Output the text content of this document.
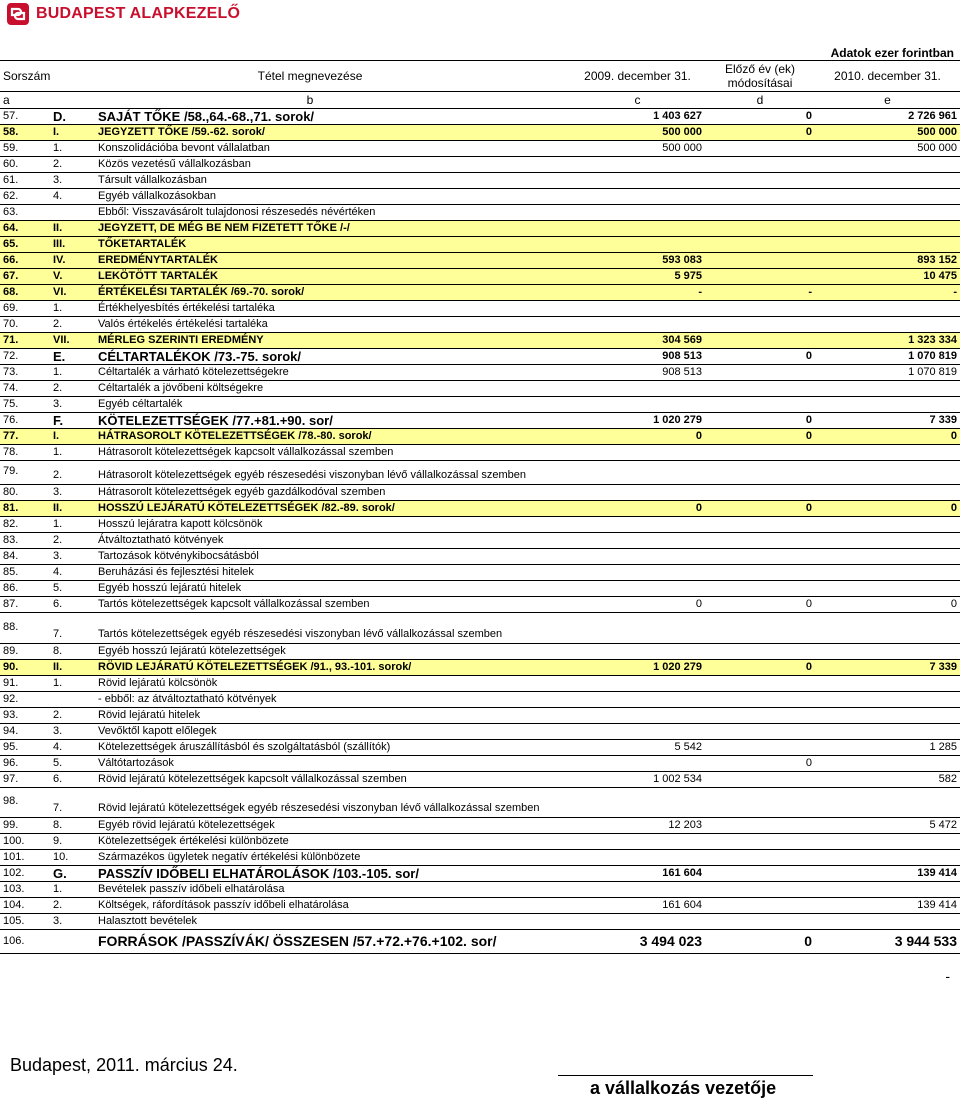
BUDAPEST ALAPKEZELŐ
Adatok ezer forintban
Sorszám	Tétel megnevezése		2009. december 31.	Előző év (ek)
módosításai	2010. december 31.
a	b		c	d	e
57.	D.	SAJÁT TŐKE /58.,64.-68.,71. sorok/	1 403 627	0	2 726 961
58.	I.	JEGYZETT TŐKE /59.-62. sorok/	500 000	0	500 000
59.	1.	Konszolidációba bevont vállalatban	500 000		500 000
60.	2.	Közös vezetésű vállalkozásban			
61.	3.	Társult vállalkozásban			
62.	4.	Egyéb vállalkozásokban			
63.		Ebből: Visszavásárolt tulajdonosi részesedés névértéken			
64.	II.	JEGYZETT, DE MÉG BE NEM FIZETETT TŐKE /-/			
65.	III.	TŐKETARTALÉK			
66.	IV.	EREDMÉNYTARTALÉK	593 083		893 152
67.	V.	LEKÖTÖTT TARTALÉK	5 975		10 475
68.	VI.	ÉRTÉKELÉSI TARTALÉK /69.-70. sorok/	-	-	-
69.	1.	Értékhelyesbítés értékelési tartaléka			
70.	2.	Valós értékelés értékelési tartaléka			
71.	VII.	MÉRLEG SZERINTI EREDMÉNY	304 569		1 323 334
72.	E.	CÉLTARTALÉKOK /73.-75. sorok/	908 513	0	1 070 819
73.	1.	Céltartalék a várható kötelezettségekre	908 513		1 070 819
74.	2.	Céltartalék a jövőbeni költségekre			
75.	3.	Egyéb céltartalék			
76.	F.	KÖTELEZETTSÉGEK /77.+81.+90. sor/	1 020 279	0	7 339
77.	I.	HÁTRASOROLT KÖTELEZETTSÉGEK /78.-80. sorok/	0	0	0
78.	1.	Hátrasorolt kötelezettségek kapcsolt vállalkozással szemben			
79.	2.	Hátrasorolt kötelezettségek egyéb részesedési viszonyban lévő vállalkozással szemben			
80.	3.	Hátrasorolt kötelezettségek egyéb gazdálkodóval szemben			
81.	II.	HOSSZÚ LEJÁRATÚ KÖTELEZETTSÉGEK /82.-89. sorok/	0	0	0
82.	1.	Hosszú lejáratra kapott kölcsönök			
83.	2.	Átváltoztatható kötvények			
84.	3.	Tartozások kötvénykibocsátásból			
85.	4.	Beruházási és fejlesztési hitelek			
86.	5.	Egyéb hosszú lejáratú hitelek			
87.	6.	Tartós kötelezettségek kapcsolt vállalkozással szemben	0	0	0
88.	7.	Tartós kötelezettségek egyéb részesedési viszonyban lévő vállalkozással szemben			
89.	8.	Egyéb hosszú lejáratú kötelezettségek			
90.	II.	RÖVID LEJÁRATÚ KÖTELEZETTSÉGEK /91., 93.-101. sorok/	1 020 279	0	7 339
91.	1.	Rövid lejáratú kölcsönök			
92.		- ebből: az átváltoztatható kötvények			
93.	2.	Rövid lejáratú hitelek			
94.	3.	Vevőktől kapott előlegek			
95.	4.	Kötelezettségek áruszállításból és szolgáltatásból (szállítók)	5 542		1 285
96.	5.	Váltótartozások		0	
97.	6.	Rövid lejáratú kötelezettségek kapcsolt vállalkozással szemben	1 002 534		582
98.	7.	Rövid lejáratú kötelezettségek egyéb részesedési viszonyban lévő vállalkozással szemben			
99.	8.	Egyéb rövid lejáratú kötelezettségek	12 203		5 472
100.	9.	Kötelezettségek értékelési különbözete			
101.	10.	Származékos ügyletek negatív értékelési különbözete			
102.	G.	PASSZÍV IDŐBELI ELHATÁROLÁSOK /103.-105. sor/	161 604		139 414
103.	1.	Bevételek passzív időbeli elhatárolása			
104.	2.	Költségek, ráfordítások passzív időbeli elhatárolása	161 604		139 414
105.	3.	Halasztott bevételek			
106.		FORRÁSOK /PASSZÍVÁK/ ÖSSZESEN /57.+72.+76.+102. sor/	3 494 023	0	3 944 533
-
Budapest, 2011. március 24.
a vállalkozás vezetője
